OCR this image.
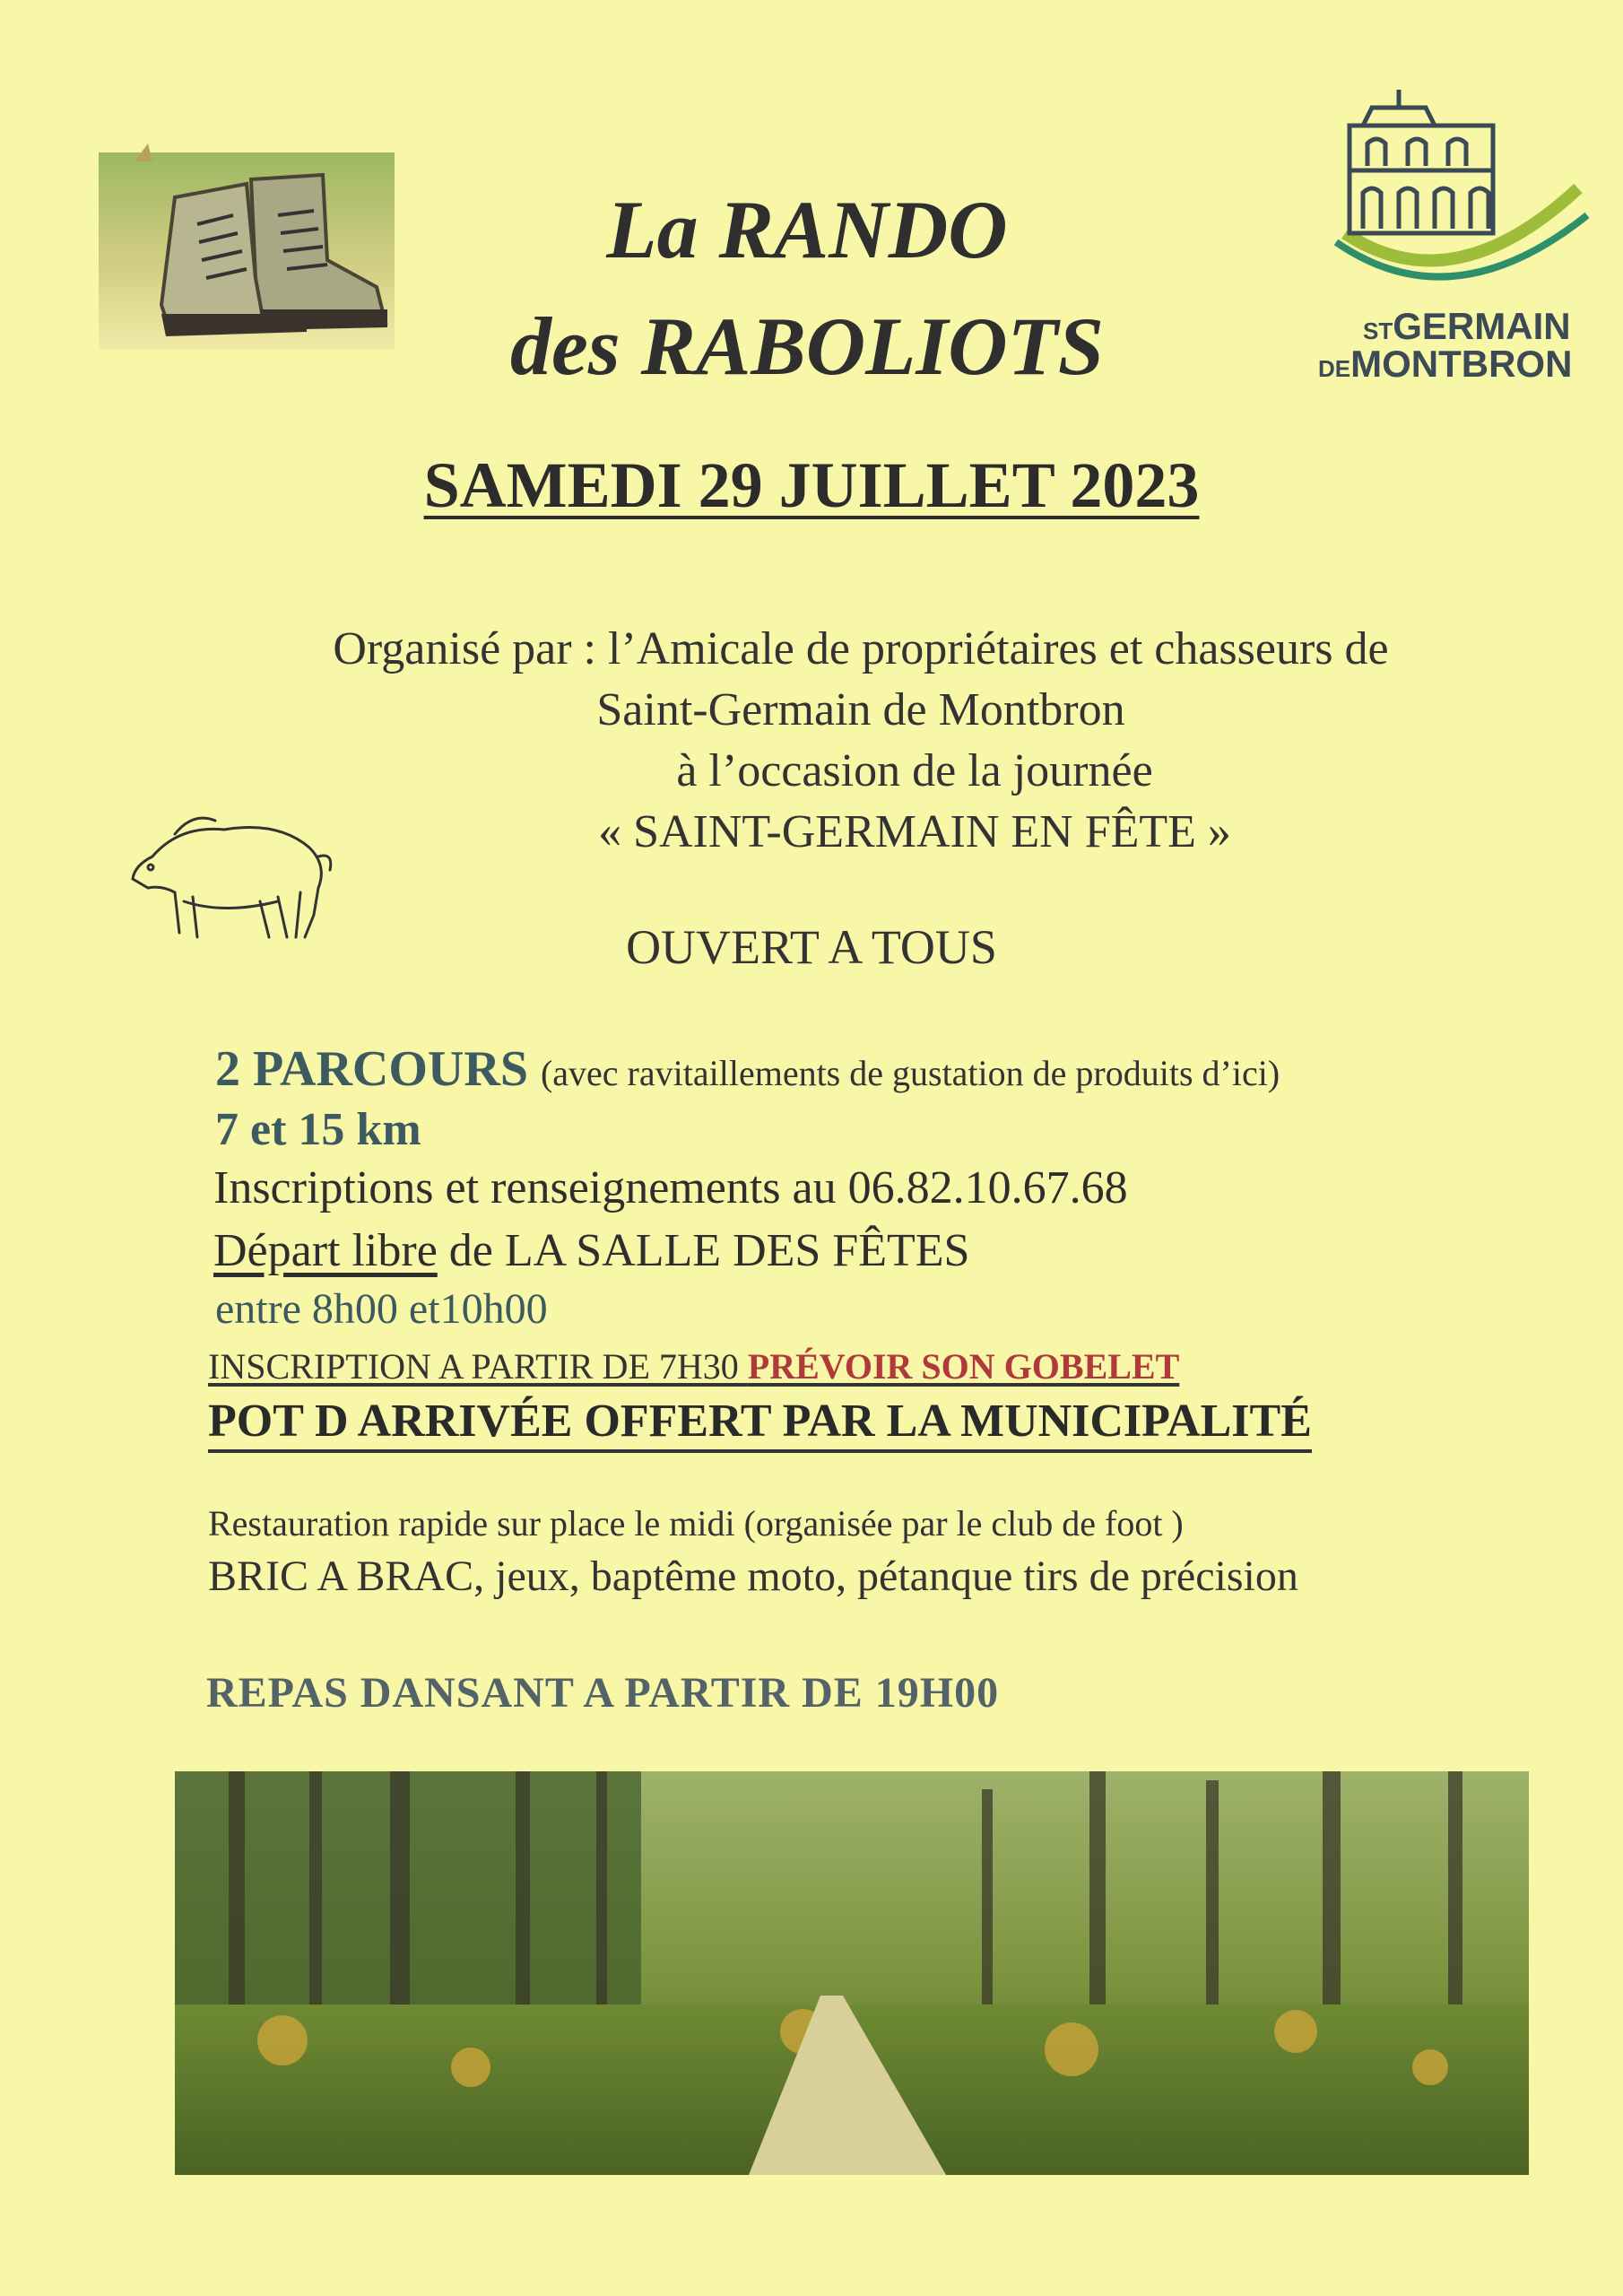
La RANDO
des RABOLIOTS	STGERMAIN
DEMONTBRON
SAMEDI 29 JUILLET 2023
Organisé par : l’Amicale de propriétaires et chasseurs de
Saint-Germain de Montbron
à l’occasion de la journée
« SAINT-GERMAIN EN FÊTE »
OUVERT A TOUS
2 PARCOURS (avec ravitaillements de gustation de produits d’ici)
7 et 15 km
Inscriptions et renseignements au 06.82.10.67.68
Départ libre de LA SALLE DES FÊTES
entre 8h00 et10h00
INSCRIPTION A PARTIR DE 7H30 PRÉVOIR SON GOBELET
POT D ARRIVÉE OFFERT PAR LA MUNICIPALITÉ
Restauration rapide sur place le midi (organisée par le club de foot )
BRIC A BRAC, jeux, baptême moto, pétanque tirs de précision
REPAS DANSANT A PARTIR DE 19H00
